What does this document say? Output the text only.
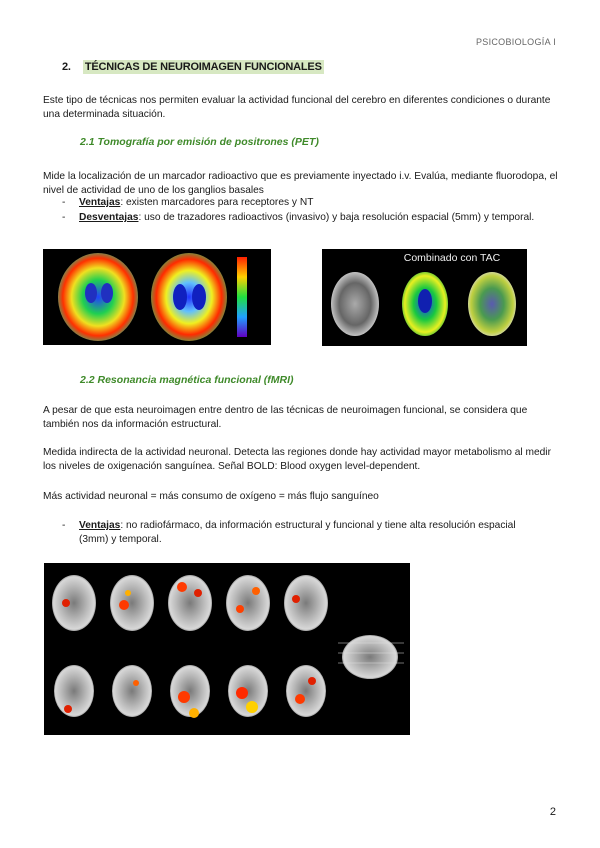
PSICOBIOLOGÍA I
2. TÉCNICAS DE NEUROIMAGEN FUNCIONALES

Este tipo de técnicas nos permiten evaluar la actividad funcional del cerebro en diferentes condiciones o durante una determinada situación.

2.1 Tomografía por emisión de positrones (PET)

Mide la localización de un marcador radioactivo que es previamente inyectado i.v. Evalúa, mediante fluorodopa, el nivel de actividad de uno de los ganglios basales

- Ventajas: existen marcadores para receptores y NT
- Desventajas: uso de trazadores radioactivos (invasivo) y baja resolución espacial (5mm) y temporal.
Combinado con TAC
2.2 Resonancia magnética funcional (fMRI)

A pesar de que esta neuroimagen entre dentro de las técnicas de neuroimagen funcional, se considera que también nos da información estructural.

Medida indirecta de la actividad neuronal. Detecta las regiones donde hay actividad mayor metabolismo al medir los niveles de oxigenación sanguínea. Señal BOLD: Blood oxygen level-dependent.

Más actividad neuronal = más consumo de oxígeno = más flujo sanguíneo

- Ventajas: no radiofármaco, da información estructural y funcional y tiene alta resolución espacial (3mm) y temporal.
2
